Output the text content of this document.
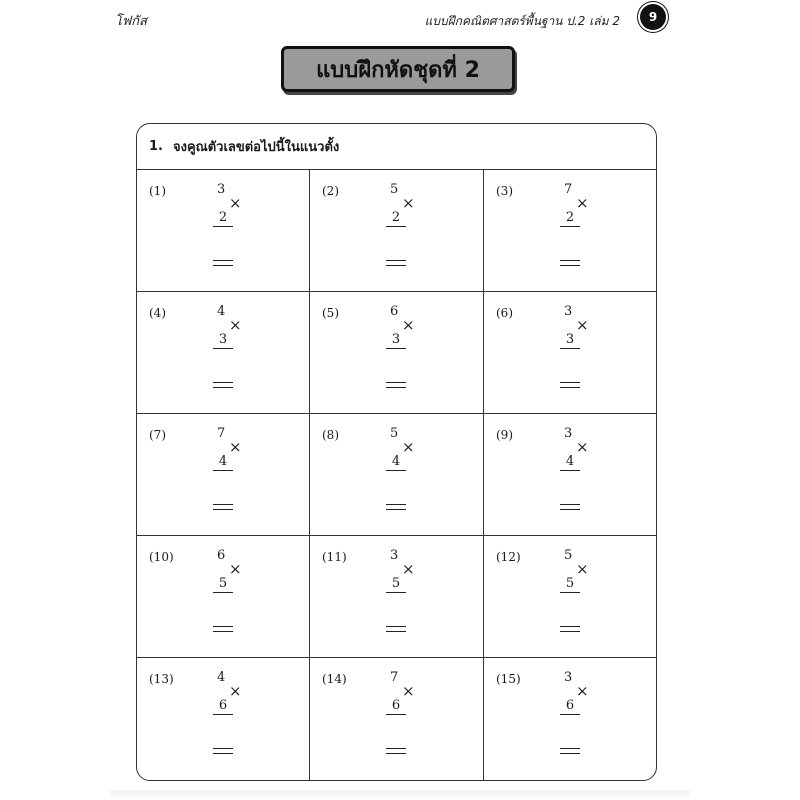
โฟกัส	แบบฝึกคณิตศาสตร์พื้นฐาน ป.2 เล่ม 2	9
แบบฝึกหัดชุดที่ 2
1. จงคูณตัวเลขต่อไปนี้ในแนวตั้ง
(1)	3
×
2
(2)	5
×
2
(3)	7
×
2
(4)	4
×
3
(5)	6
×
3
(6)	3
×
3
(7)	7
×
4
(8)	5
×
4
(9)	3
×
4
(10)	6
×
5
(11)	3
×
5
(12)	5
×
5
(13)	4
×
6
(14)	7
×
6
(15)	3
×
6
